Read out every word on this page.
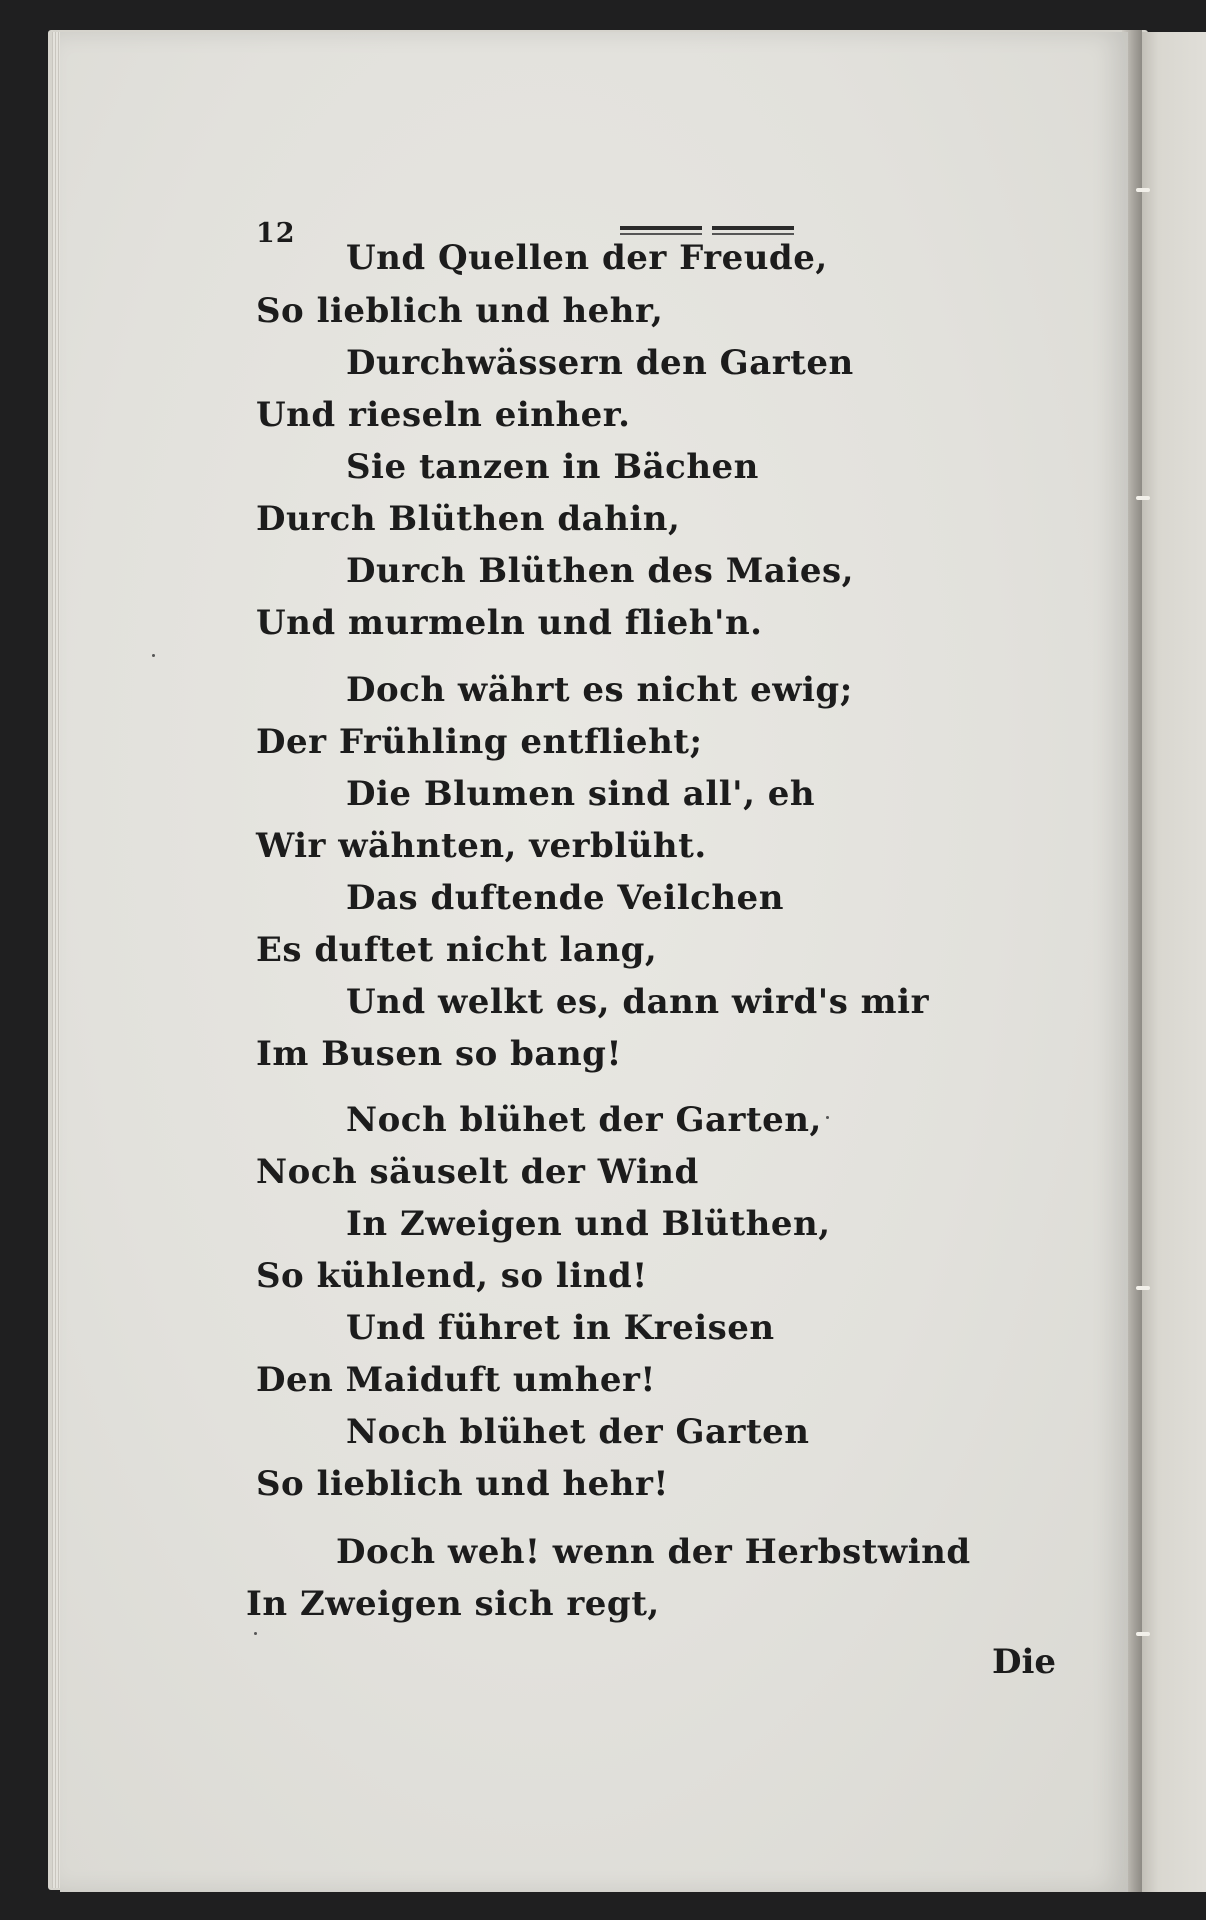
12
Und Quellen der Freude,
So lieblich und hehr,
Durchwässern den Garten
Und rieseln einher.
Sie tanzen in Bächen
Durch Blüthen dahin,
Durch Blüthen des Maies,
Und murmeln und flieh'n.
Doch währt es nicht ewig;
Der Frühling entflieht;
Die Blumen sind all', eh
Wir wähnten, verblüht.
Das duftende Veilchen
Es duftet nicht lang,
Und welkt es, dann wird's mir
Im Busen so bang!
Noch blühet der Garten,
Noch säuselt der Wind
In Zweigen und Blüthen,
So kühlend, so lind!
Und führet in Kreisen
Den Maiduft umher!
Noch blühet der Garten
So lieblich und hehr!
Doch weh! wenn der Herbstwind
In Zweigen sich regt,
Die
